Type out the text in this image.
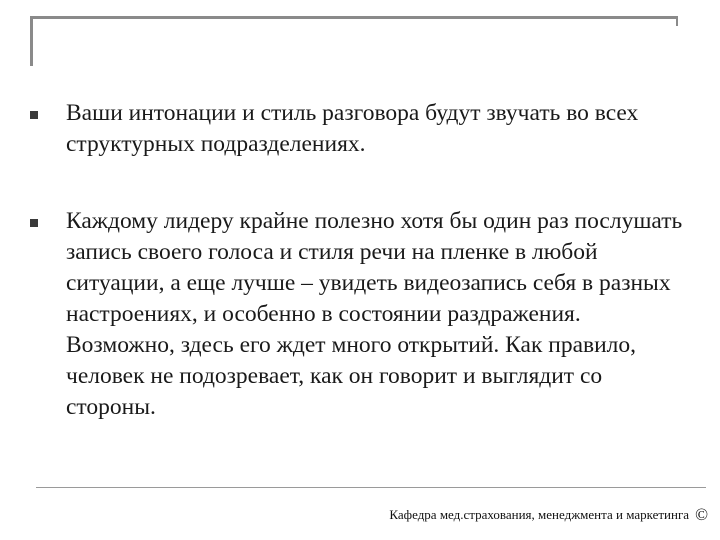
Ваши интонации и стиль разговора будут звучать во всех структурных подразделениях.
Каждому лидеру крайне полезно хотя бы один раз послушать запись своего голоса и стиля речи на пленке в любой ситуации, а еще лучше – увидеть видеозапись себя в разных настроениях, и особенно в состоянии раздражения. Возможно, здесь его ждет много открытий. Как правило, человек не подозревает, как он говорит и выглядит со стороны.
Кафедра мед.страхования, менеджмента и маркетинга ©
